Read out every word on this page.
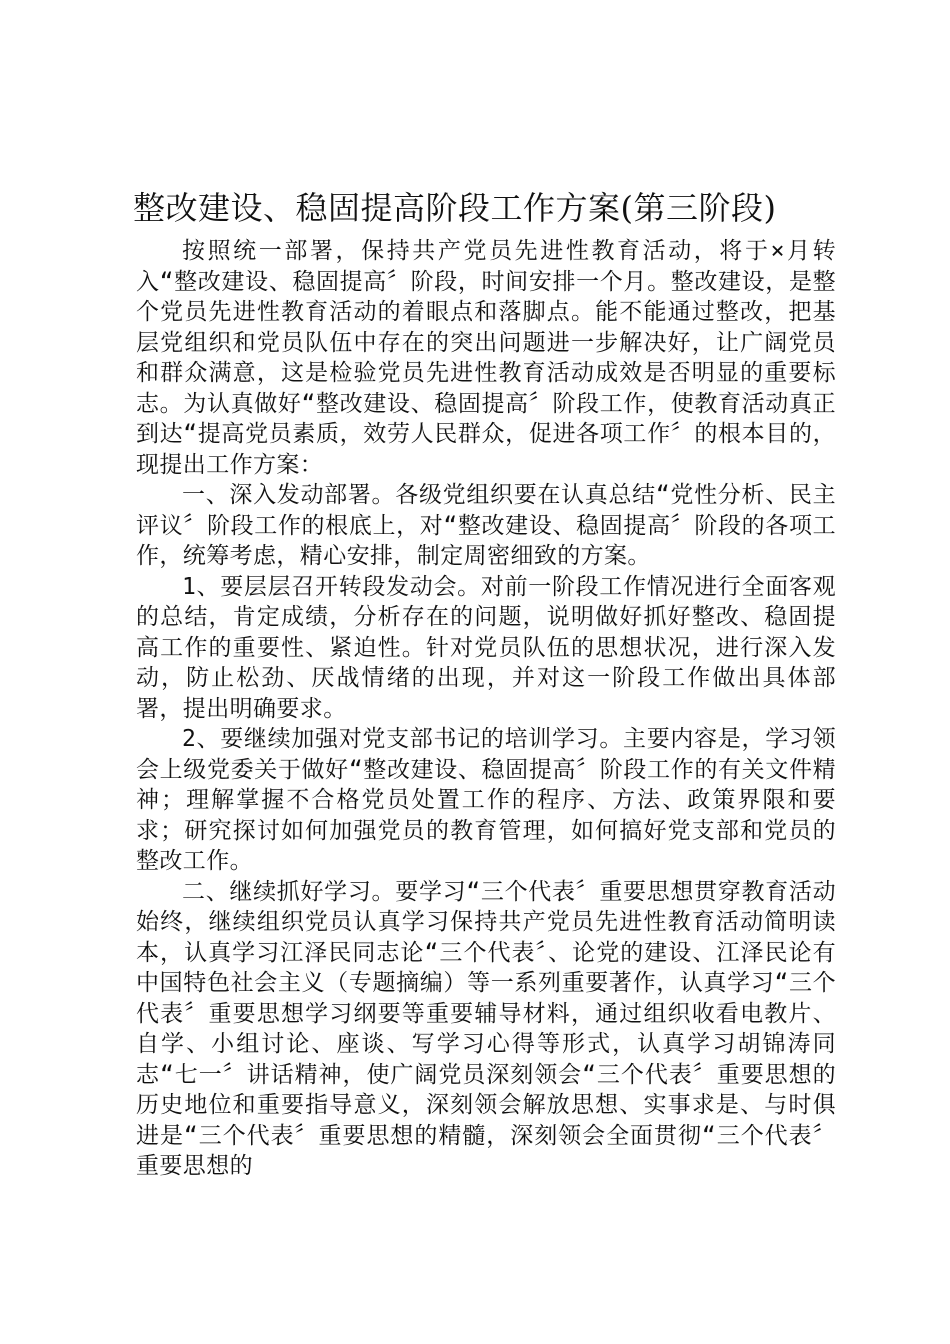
整改建设、稳固提高阶段工作方案(第三阶段)

按照统一部署，保持共产党员先进性教育活动，将于×月转入“整改建设、稳固提高〞阶段，时间安排一个月。整改建设，是整个党员先进性教育活动的着眼点和落脚点。能不能通过整改，把基层党组织和党员队伍中存在的突出问题进一步解决好，让广阔党员和群众满意，这是检验党员先进性教育活动成效是否明显的重要标志。为认真做好“整改建设、稳固提高〞阶段工作，使教育活动真正到达“提高党员素质，效劳人民群众，促进各项工作〞的根本目的，现提出工作方案：

一、深入发动部署。各级党组织要在认真总结“党性分析、民主评议〞阶段工作的根底上，对“整改建设、稳固提高〞阶段的各项工作，统筹考虑，精心安排，制定周密细致的方案。

1、要层层召开转段发动会。对前一阶段工作情况进行全面客观的总结，肯定成绩，分析存在的问题，说明做好抓好整改、稳固提高工作的重要性、紧迫性。针对党员队伍的思想状况，进行深入发动，防止松劲、厌战情绪的出现，并对这一阶段工作做出具体部署，提出明确要求。

2、要继续加强对党支部书记的培训学习。主要内容是，学习领会上级党委关于做好“整改建设、稳固提高〞阶段工作的有关文件精神；理解掌握不合格党员处置工作的程序、方法、政策界限和要求；研究探讨如何加强党员的教育管理，如何搞好党支部和党员的整改工作。

二、继续抓好学习。要学习“三个代表〞重要思想贯穿教育活动始终，继续组织党员认真学习保持共产党员先进性教育活动简明读本，认真学习江泽民同志论“三个代表〞、论党的建设、江泽民论有中国特色社会主义（专题摘编）等一系列重要著作，认真学习“三个代表〞重要思想学习纲要等重要辅导材料，通过组织收看电教片、自学、小组讨论、座谈、写学习心得等形式，认真学习胡锦涛同志“七一〞讲话精神，使广阔党员深刻领会“三个代表〞重要思想的历史地位和重要指导意义，深刻领会解放思想、实事求是、与时俱进是“三个代表〞重要思想的精髓，深刻领会全面贯彻“三个代表〞重要思想的
